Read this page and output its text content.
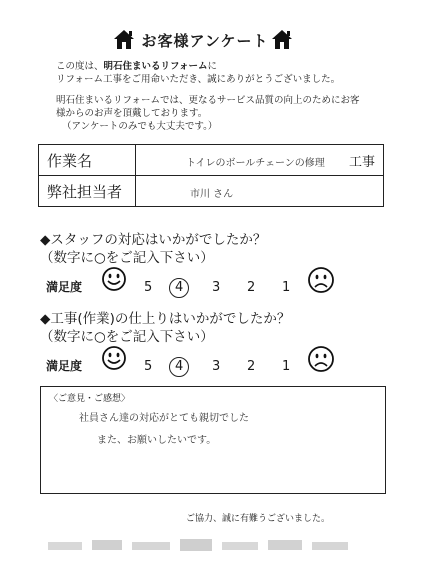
お客様アンケート

この度は、明石住まいるリフォームに

リフォーム工事をご用命いただき、誠にありがとうございました。

明石住まいるリフォームでは、更なるサービス品質の向上のためにお客

様からのお声を頂戴しております。

（アンケートのみでも大丈夫です。）

作業名	トイレのボールチェーンの修理 工事

弊社担当者	市川 さん
◆スタッフの対応はいかがでしたか？
（数字に○をご記入下さい）
満足度	5 4 3 2 1
◆工事(作業)の仕上りはいかがでしたか？
（数字に○をご記入下さい）
満足度	5 4 3 2 1
〈ご意見・ご感想〉
社員さん達の対応がとても親切でした
また、お願いしたいです。
ご協力、誠に有難うございました。
